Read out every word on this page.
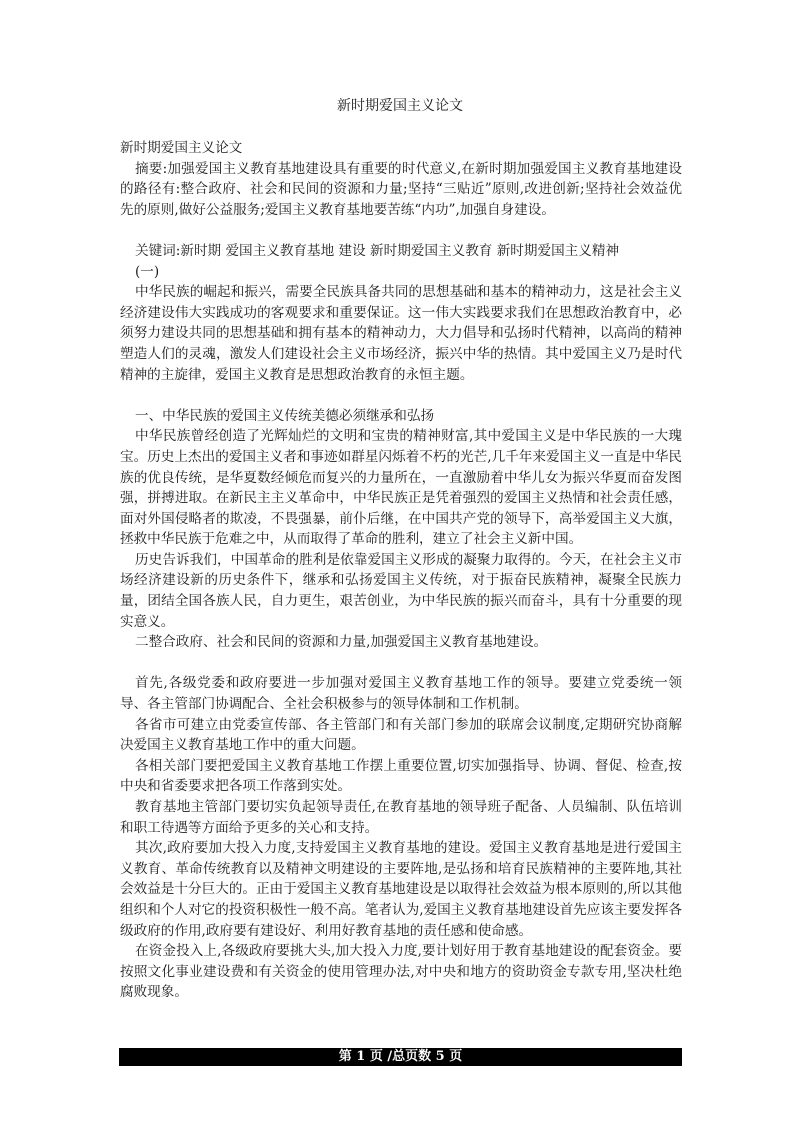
新时期爱国主义论文

新时期爱国主义论文

摘要:加强爱国主义教育基地建设具有重要的时代意义,在新时期加强爱国主义教育基地建设的路径有:整合政府、社会和民间的资源和力量;坚持“三贴近”原则,改进创新;坚持社会效益优先的原则,做好公益服务;爱国主义教育基地要苦练“内功”,加强自身建设。

关键词:新时期 爱国主义教育基地 建设 新时期爱国主义教育 新时期爱国主义精神

(一)

中华民族的崛起和振兴，需要全民族具备共同的思想基础和基本的精神动力，这是社会主义经济建设伟大实践成功的客观要求和重要保证。这一伟大实践要求我们在思想政治教育中，必须努力建设共同的思想基础和拥有基本的精神动力，大力倡导和弘扬时代精神，以高尚的精神塑造人们的灵魂，激发人们建设社会主义市场经济，振兴中华的热情。其中爱国主义乃是时代精神的主旋律，爱国主义教育是思想政治教育的永恒主题。

一、中华民族的爱国主义传统美德必须继承和弘扬

中华民族曾经创造了光辉灿烂的文明和宝贵的精神财富,其中爱国主义是中华民族的一大瑰宝。历史上杰出的爱国主义者和事迹如群星闪烁着不朽的光芒,几千年来爱国主义一直是中华民族的优良传统，是华夏数经倾危而复兴的力量所在，一直激励着中华儿女为振兴华夏而奋发图强，拼搏进取。在新民主主义革命中，中华民族正是凭着强烈的爱国主义热情和社会责任感，面对外国侵略者的欺凌，不畏强暴，前仆后继，在中国共产党的领导下，高举爱国主义大旗，拯救中华民族于危难之中，从而取得了革命的胜利，建立了社会主义新中国。

历史告诉我们，中国革命的胜利是依靠爱国主义形成的凝聚力取得的。今天，在社会主义市场经济建设新的历史条件下，继承和弘扬爱国主义传统，对于振奋民族精神，凝聚全民族力量，团结全国各族人民，自力更生，艰苦创业，为中华民族的振兴而奋斗，具有十分重要的现实意义。

二整合政府、社会和民间的资源和力量,加强爱国主义教育基地建设。

首先,各级党委和政府要进一步加强对爱国主义教育基地工作的领导。要建立党委统一领导、各主管部门协调配合、全社会积极参与的领导体制和工作机制。

各省市可建立由党委宣传部、各主管部门和有关部门参加的联席会议制度,定期研究协商解决爱国主义教育基地工作中的重大问题。

各相关部门要把爱国主义教育基地工作摆上重要位置,切实加强指导、协调、督促、检查,按中央和省委要求把各项工作落到实处。

教育基地主管部门要切实负起领导责任,在教育基地的领导班子配备、人员编制、队伍培训和职工待遇等方面给予更多的关心和支持。

其次,政府要加大投入力度,支持爱国主义教育基地的建设。爱国主义教育基地是进行爱国主义教育、革命传统教育以及精神文明建设的主要阵地,是弘扬和培育民族精神的主要阵地,其社会效益是十分巨大的。正由于爱国主义教育基地建设是以取得社会效益为根本原则的,所以其他组织和个人对它的投资积极性一般不高。笔者认为,爱国主义教育基地建设首先应该主要发挥各级政府的作用,政府要有建设好、利用好教育基地的责任感和使命感。

在资金投入上,各级政府要挑大头,加大投入力度,要计划好用于教育基地建设的配套资金。要按照文化事业建设费和有关资金的使用管理办法,对中央和地方的资助资金专款专用,坚决杜绝腐败现象。

第 1 页 /总页数 5 页
